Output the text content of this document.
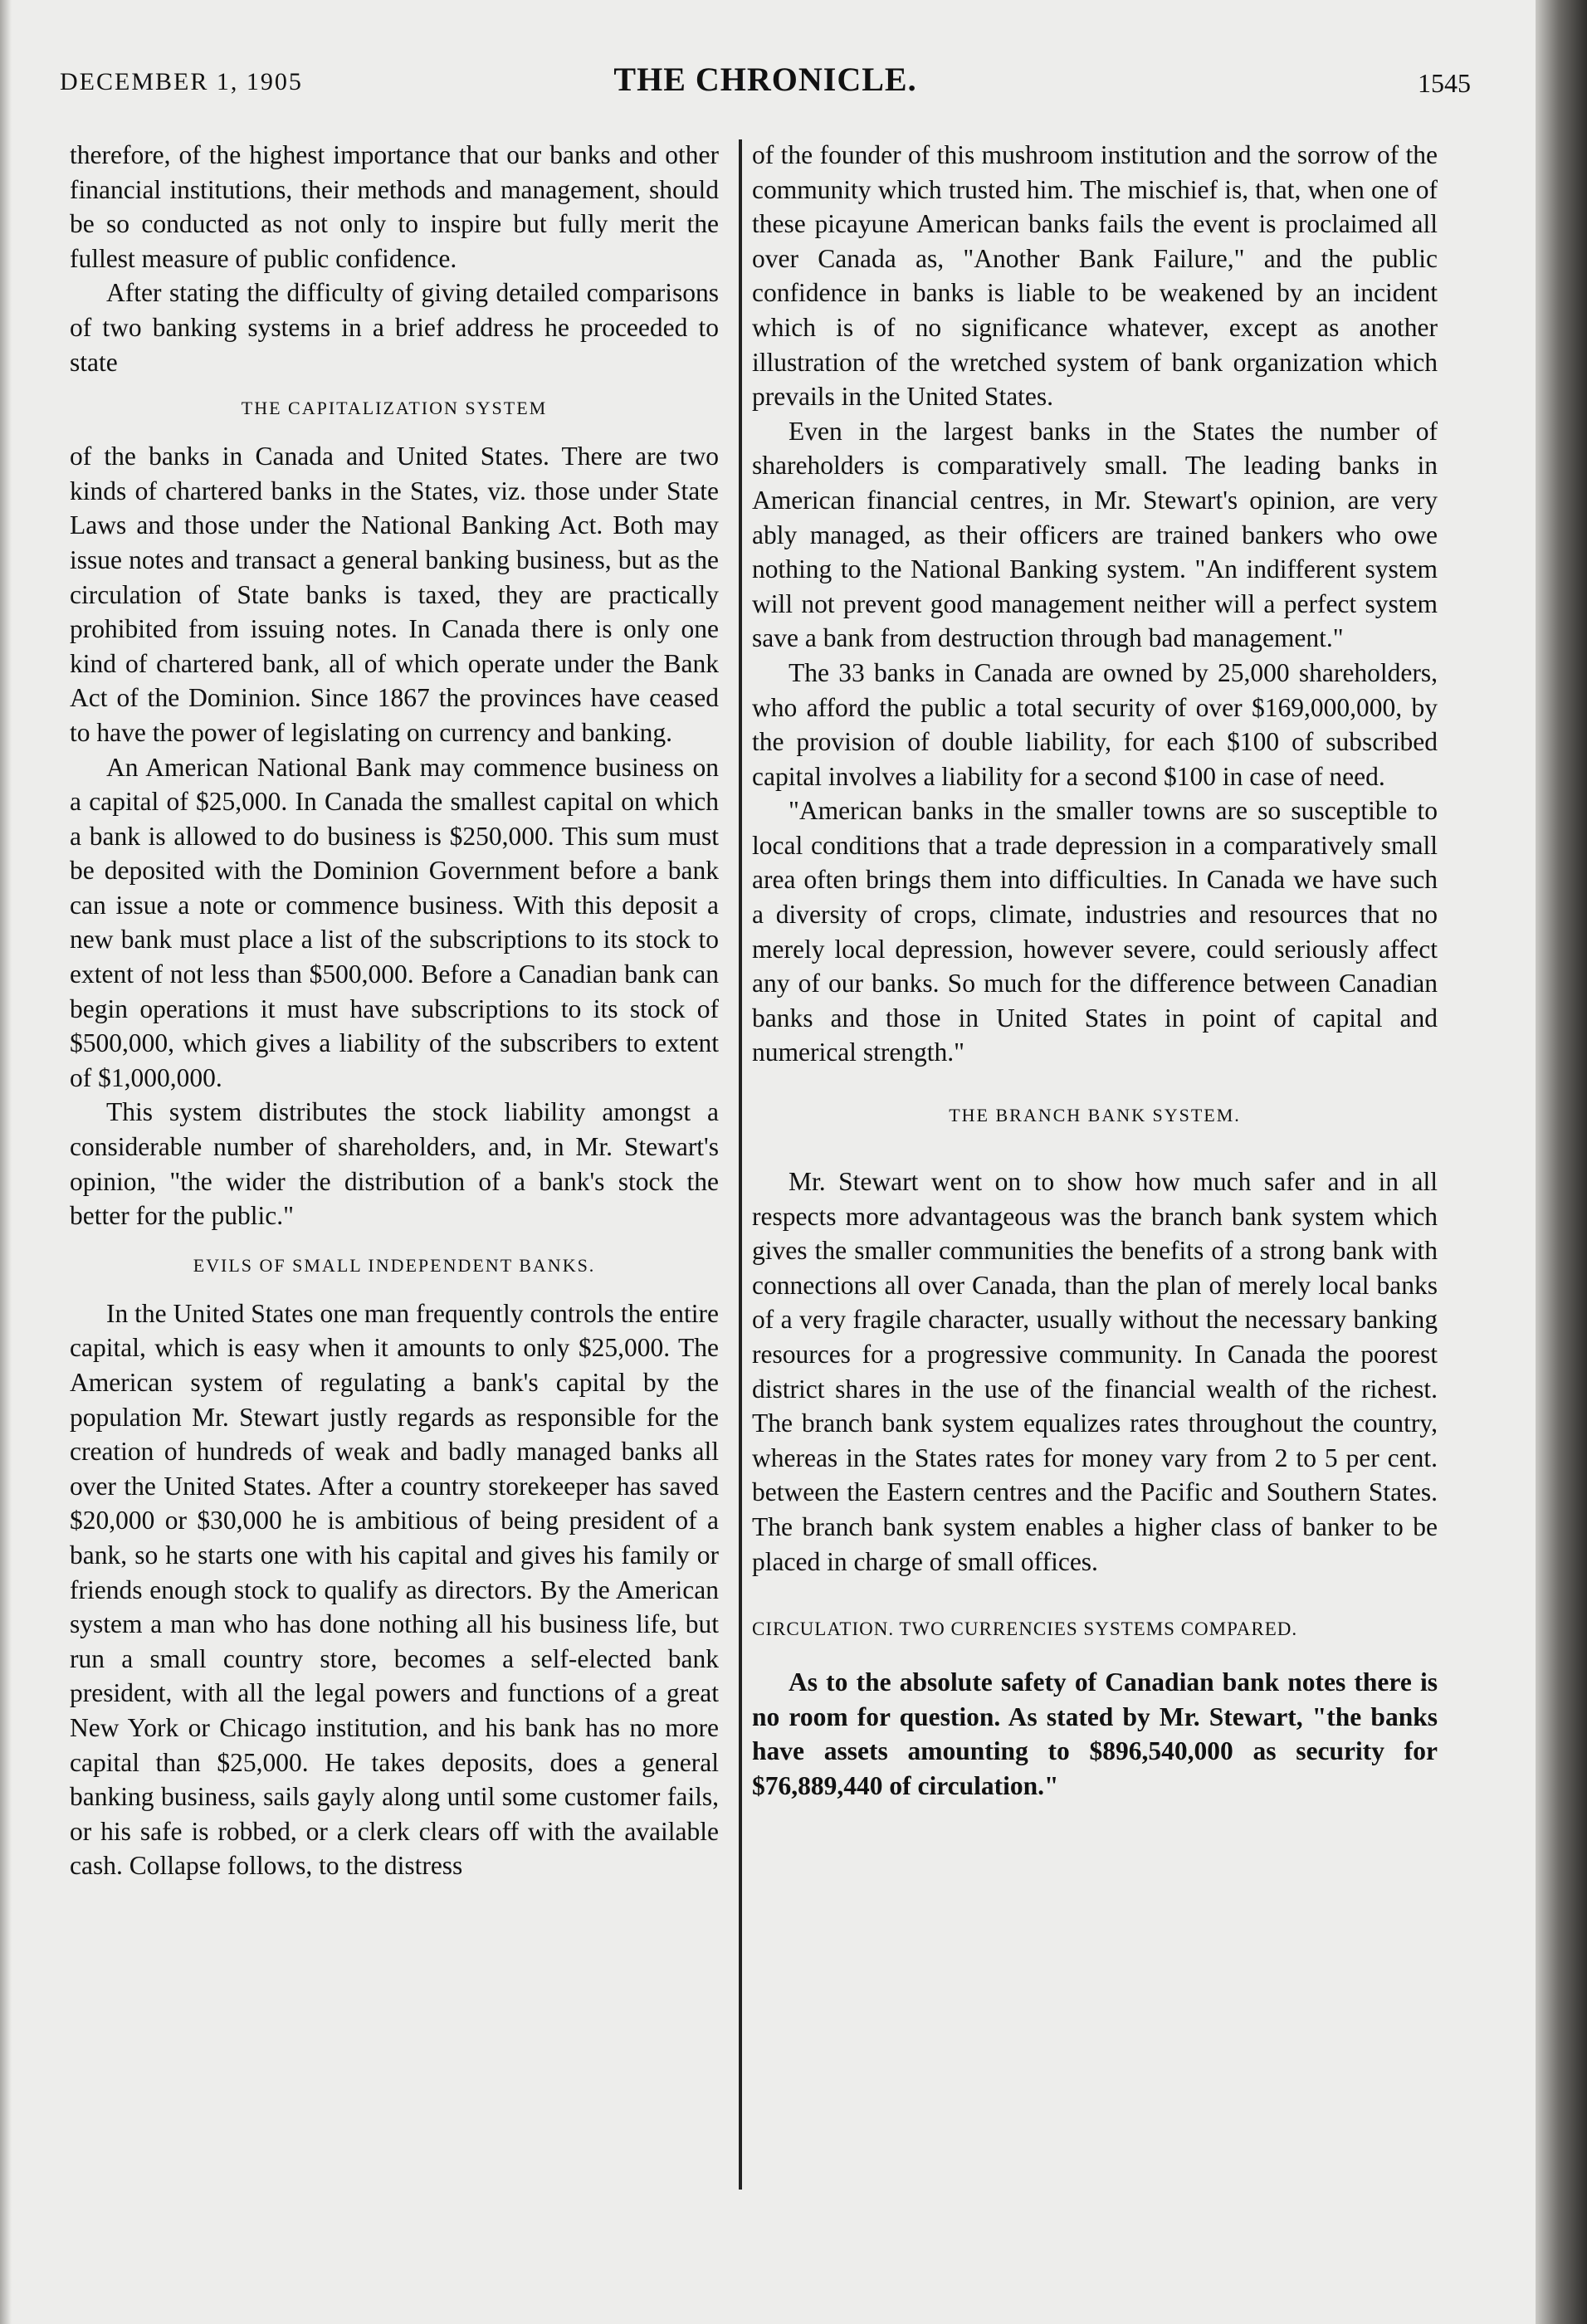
DECEMBER 1, 1905	THE CHRONICLE.	1545

therefore, of the highest importance that our banks and other financial institutions, their methods and management, should be so conducted as not only to inspire but fully merit the fullest measure of public confidence.

After stating the difficulty of giving detailed comparisons of two banking systems in a brief address he proceeded to state

THE CAPITALIZATION SYSTEM

of the banks in Canada and United States. There are two kinds of chartered banks in the States, viz. those under State Laws and those under the National Banking Act. Both may issue notes and transact a general banking business, but as the circulation of State banks is taxed, they are practically prohibited from issuing notes. In Canada there is only one kind of chartered bank, all of which operate under the Bank Act of the Dominion. Since 1867 the provinces have ceased to have the power of legislating on currency and banking.

An American National Bank may commence business on a capital of $25,000. In Canada the smallest capital on which a bank is allowed to do business is $250,000. This sum must be deposited with the Dominion Government before a bank can issue a note or commence business. With this deposit a new bank must place a list of the subscriptions to its stock to extent of not less than $500,000. Before a Canadian bank can begin operations it must have subscriptions to its stock of $500,000, which gives a liability of the subscribers to extent of $1,000,000.

This system distributes the stock liability amongst a considerable number of shareholders, and, in Mr. Stewart's opinion, "the wider the distribution of a bank's stock the better for the public."

EVILS OF SMALL INDEPENDENT BANKS.

In the United States one man frequently controls the entire capital, which is easy when it amounts to only $25,000. The American system of regulating a bank's capital by the population Mr. Stewart justly regards as responsible for the creation of hundreds of weak and badly managed banks all over the United States. After a country storekeeper has saved $20,000 or $30,000 he is ambitious of being president of a bank, so he starts one with his capital and gives his family or friends enough stock to qualify as directors. By the American system a man who has done nothing all his business life, but run a small country store, becomes a self-elected bank president, with all the legal powers and functions of a great New York or Chicago institution, and his bank has no more capital than $25,000. He takes deposits, does a general banking business, sails gayly along until some customer fails, or his safe is robbed, or a clerk clears off with the available cash. Collapse follows, to the distress

of the founder of this mushroom institution and the sorrow of the community which trusted him. The mischief is, that, when one of these picayune American banks fails the event is proclaimed all over Canada as, "Another Bank Failure," and the public confidence in banks is liable to be weakened by an incident which is of no significance whatever, except as another illustration of the wretched system of bank organization which prevails in the United States.

Even in the largest banks in the States the number of shareholders is comparatively small. The leading banks in American financial centres, in Mr. Stewart's opinion, are very ably managed, as their officers are trained bankers who owe nothing to the National Banking system. "An indifferent system will not prevent good management neither will a perfect system save a bank from destruction through bad management."

The 33 banks in Canada are owned by 25,000 shareholders, who afford the public a total security of over $169,000,000, by the provision of double liability, for each $100 of subscribed capital involves a liability for a second $100 in case of need.

"American banks in the smaller towns are so susceptible to local conditions that a trade depression in a comparatively small area often brings them into difficulties. In Canada we have such a diversity of crops, climate, industries and resources that no merely local depression, however severe, could seriously affect any of our banks. So much for the difference between Canadian banks and those in United States in point of capital and numerical strength."

THE BRANCH BANK SYSTEM.

Mr. Stewart went on to show how much safer and in all respects more advantageous was the branch bank system which gives the smaller communities the benefits of a strong bank with connections all over Canada, than the plan of merely local banks of a very fragile character, usually without the necessary banking resources for a progressive community. In Canada the poorest district shares in the use of the financial wealth of the richest. The branch bank system equalizes rates throughout the country, whereas in the States rates for money vary from 2 to 5 per cent. between the Eastern centres and the Pacific and Southern States. The branch bank system enables a higher class of banker to be placed in charge of small offices.

CIRCULATION. TWO CURRENCIES SYSTEMS COMPARED.

As to the absolute safety of Canadian bank notes there is no room for question. As stated by Mr. Stewart, "the banks have assets amounting to $896,540,000 as security for $76,889,440 of circulation."
